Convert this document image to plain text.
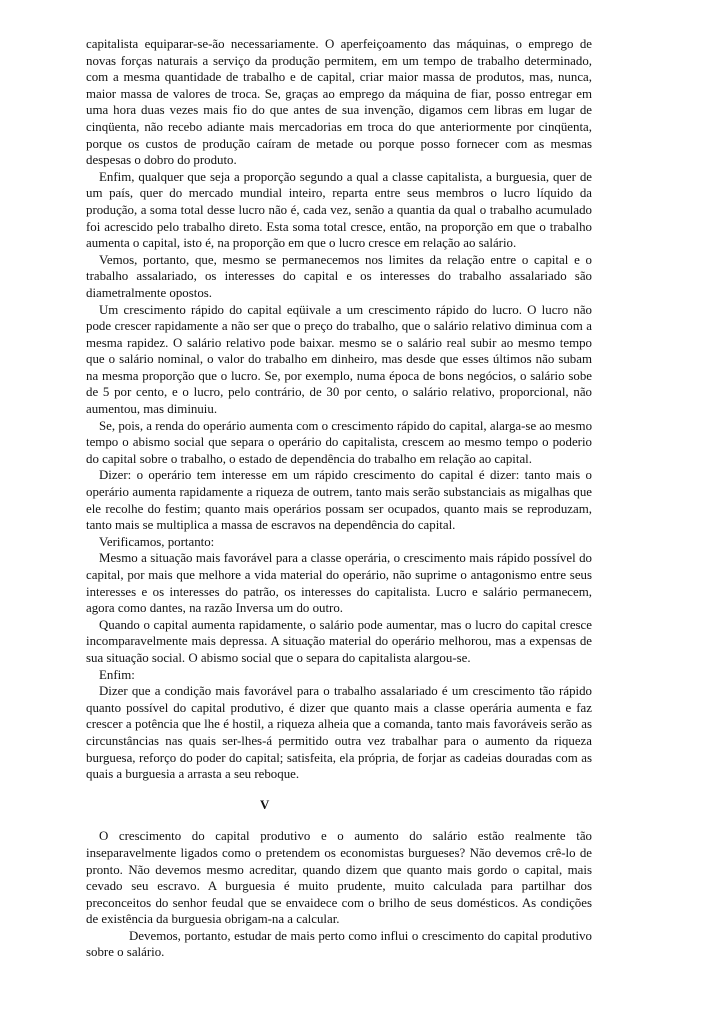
capitalista equiparar-se-ão necessariamente. O aperfeiçoamento das máquinas, o emprego de novas forças naturais a serviço da produção permitem, em um tempo de trabalho determinado, com a mesma quantidade de trabalho e de capital, criar maior massa de produtos, mas, nunca, maior massa de valores de troca. Se, graças ao emprego da máquina de fiar, posso entregar em uma hora duas vezes mais fio do que antes de sua invenção, digamos cem libras em lugar de cinqüenta, não recebo adiante mais mercadorias em troca do que anteriormente por cinqüenta, porque os custos de produção caíram de metade ou porque posso fornecer com as mesmas despesas o dobro do produto.

Enfim, qualquer que seja a proporção segundo a qual a classe capitalista, a burguesia, quer de um país, quer do mercado mundial inteiro, reparta entre seus membros o lucro líquido da produção, a soma total desse lucro não é, cada vez, senão a quantia da qual o trabalho acumulado foi acrescido pelo trabalho direto. Esta soma total cresce, então, na proporção em que o trabalho aumenta o capital, isto é, na proporção em que o lucro cresce em relação ao salário.

Vemos, portanto, que, mesmo se permanecemos nos limites da relação entre o capital e o trabalho assalariado, os interesses do capital e os interesses do trabalho assalariado são diametralmente opostos.

Um crescimento rápido do capital eqüivale a um crescimento rápido do lucro. O lucro não pode crescer rapidamente a não ser que o preço do trabalho, que o salário relativo diminua com a mesma rapidez. O salário relativo pode baixar. mesmo se o salário real subir ao mesmo tempo que o salário nominal, o valor do trabalho em dinheiro, mas desde que esses últimos não subam na mesma proporção que o lucro. Se, por exemplo, numa época de bons negócios, o salário sobe de 5 por cento, e o lucro, pelo contrário, de 30 por cento, o salário relativo, proporcional, não aumentou, mas diminuiu.

Se, pois, a renda do operário aumenta com o crescimento rápido do capital, alarga-se ao mesmo tempo o abismo social que separa o operário do capitalista, crescem ao mesmo tempo o poderio do capital sobre o trabalho, o estado de dependência do trabalho em relação ao capital.

Dizer: o operário tem interesse em um rápido crescimento do capital é dizer: tanto mais o operário aumenta rapidamente a riqueza de outrem, tanto mais serão substanciais as migalhas que ele recolhe do festim; quanto mais operários possam ser ocupados, quanto mais se reproduzam, tanto mais se multiplica a massa de escravos na dependência do capital.

Verificamos, portanto:

Mesmo a situação mais favorável para a classe operária, o crescimento mais rápido possível do capital, por mais que melhore a vida material do operário, não suprime o antagonismo entre seus interesses e os interesses do patrão, os interesses do capitalista. Lucro e salário permanecem, agora como dantes, na razão Inversa um do outro.

Quando o capital aumenta rapidamente, o salário pode aumentar, mas o lucro do capital cresce incomparavelmente mais depressa. A situação material do operário melhorou, mas a expensas de sua situação social. O abismo social que o separa do capitalista alargou-se.

Enfim:

Dizer que a condição mais favorável para o trabalho assalariado é um crescimento tão rápido quanto possível do capital produtivo, é dizer que quanto mais a classe operária aumenta e faz crescer a potência que lhe é hostil, a riqueza alheia que a comanda, tanto mais favoráveis serão as circunstâncias nas quais ser-lhes-á permitido outra vez trabalhar para o aumento da riqueza burguesa, reforço do poder do capital; satisfeita, ela própria, de forjar as cadeias douradas com as quais a burguesia a arrasta a seu reboque.

V

O crescimento do capital produtivo e o aumento do salário estão realmente tão inseparavelmente ligados como o pretendem os economistas burgueses? Não devemos crê-lo de pronto. Não devemos mesmo acreditar, quando dizem que quanto mais gordo o capital, mais cevado seu escravo. A burguesia é muito prudente, muito calculada para partilhar dos preconceitos do senhor feudal que se envaidece com o brilho de seus domésticos. As condições de existência da burguesia obrigam-na a calcular.

Devemos, portanto, estudar de mais perto como influi o crescimento do capital produtivo sobre o salário.
